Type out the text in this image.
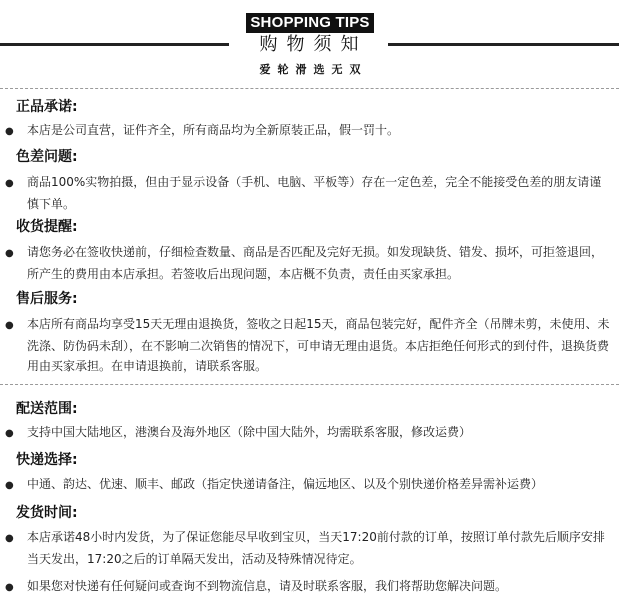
SHOPPING TIPS
购物须知
爱轮滑选无双
正品承诺:
● 本店是公司直营，证件齐全，所有商品均为全新原装正品，假一罚十。
色差问题:
● 商品100%实物拍摄，但由于显示设备（手机、电脑、平板等）存在一定色差，完全不能接受色差的朋友请谨慎下单。
收货提醒:
● 请您务必在签收快递前，仔细检查数量、商品是否匹配及完好无损。如发现缺货、错发、损坏，可拒签退回，所产生的费用由本店承担。若签收后出现问题，本店概不负责，责任由买家承担。
售后服务:
● 本店所有商品均享受15天无理由退换货，签收之日起15天，商品包装完好，配件齐全（吊牌未剪，未使用、未洗涤、防伪码未刮），在不影响二次销售的情况下，可申请无理由退货。本店拒绝任何形式的到付件，退换货费用由买家承担。在申请退换前，请联系客服。
配送范围:
● 支持中国大陆地区，港澳台及海外地区（除中国大陆外，均需联系客服，修改运费）
快递选择:
● 中通、韵达、优速、顺丰、邮政（指定快递请备注，偏远地区、以及个别快递价格差异需补运费）
发货时间:
● 本店承诺48小时内发货，为了保证您能尽早收到宝贝，当天17:20前付款的订单，按照订单付款先后顺序安排当天发出，17:20之后的订单隔天发出，活动及特殊情况待定。
● 如果您对快递有任何疑问或查询不到物流信息，请及时联系客服，我们将帮助您解决问题。
